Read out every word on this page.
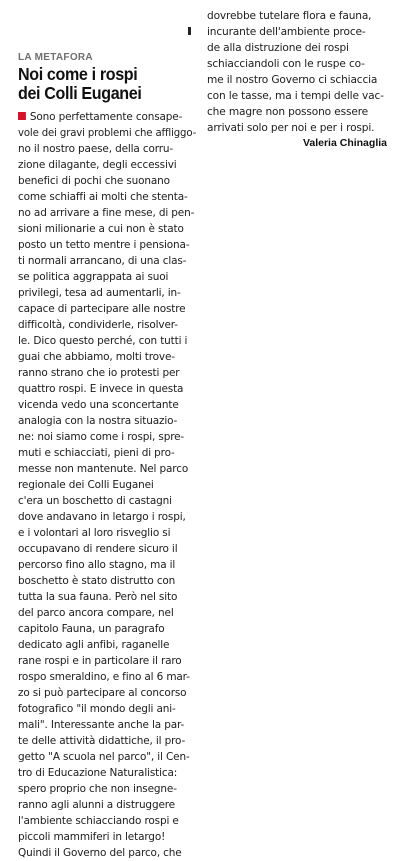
LA METAFORA
Noi come i rospi
dei Colli Euganei
Sono perfettamente consape-
vole dei gravi problemi che affliggo-
no il nostro paese, della corru-
zione dilagante, degli eccessivi
benefici di pochi che suonano
come schiaffi ai molti che stenta-
no ad arrivare a fine mese, di pen-
sioni milionarie a cui non è stato
posto un tetto mentre i pensiona-
ti normali arrancano, di una clas-
se politica aggrappata ai suoi
privilegi, tesa ad aumentarli, in-
capace di partecipare alle nostre
difficoltà, condividerle, risolver-
le. Dico questo perché, con tutti i
guai che abbiamo, molti trove-
ranno strano che io protesti per
quattro rospi. E invece in questa
vicenda vedo una sconcertante
analogia con la nostra situazio-
ne: noi siamo come i rospi, spre-
muti e schiacciati, pieni di pro-
messe non mantenute. Nel parco
regionale dei Colli Euganei
c'era un boschetto di castagni
dove andavano in letargo i rospi,
e i volontari al loro risveglio si
occupavano di rendere sicuro il
percorso fino allo stagno, ma il
boschetto è stato distrutto con
tutta la sua fauna. Però nel sito
del parco ancora compare, nel
capitolo Fauna, un paragrafo
dedicato agli anfibi, raganelle
rane rospi e in particolare il raro
rospo smeraldino, e fino al 6 mar-
zo si può partecipare al concorso
fotografico "il mondo degli ani-
mali". Interessante anche la par-
te delle attività didattiche, il pro-
getto "A scuola nel parco", il Cen-
tro di Educazione Naturalistica:
spero proprio che non insegne-
ranno agli alunni a distruggere
l'ambiente schiacciando rospi e
piccoli mammiferi in letargo!
Quindi il Governo del parco, che
dovrebbe tutelare flora e fauna,
incurante dell'ambiente proce-
de alla distruzione dei rospi
schiacciandoli con le ruspe co-
me il nostro Governo ci schiaccia
con le tasse, ma i tempi delle vac-
che magre non possono essere
arrivati solo per noi e per i rospi.
Valeria Chinaglia
